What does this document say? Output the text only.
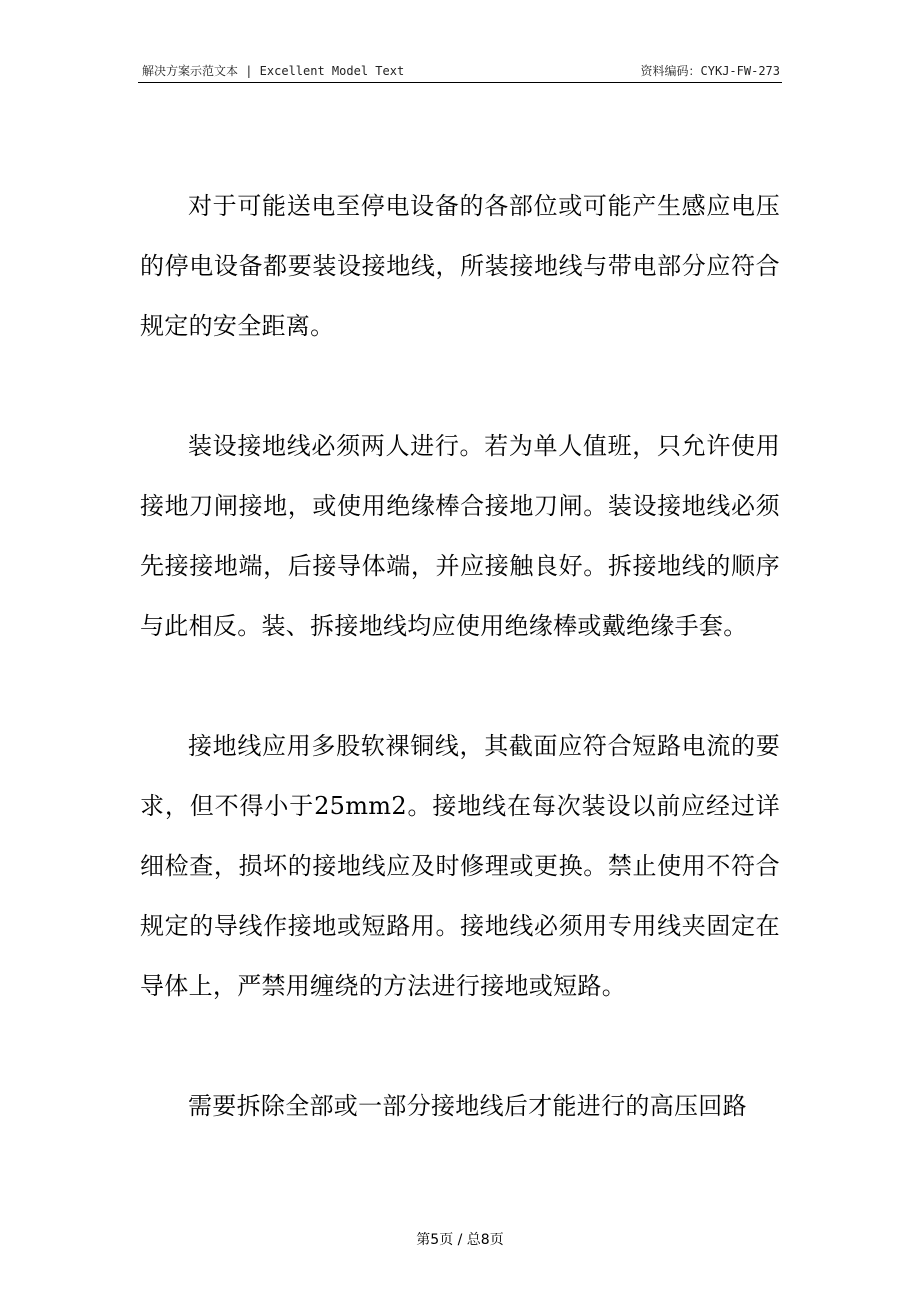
解决方案示范文本 | Excellent Model Text	资料编码：CYKJ-FW-273

对于可能送电至停电设备的各部位或可能产生感应电压的停电设备都要装设接地线，所装接地线与带电部分应符合规定的安全距离。

装设接地线必须两人进行。若为单人值班，只允许使用接地刀闸接地，或使用绝缘棒合接地刀闸。装设接地线必须先接接地端，后接导体端，并应接触良好。拆接地线的顺序与此相反。装、拆接地线均应使用绝缘棒或戴绝缘手套。

接地线应用多股软裸铜线，其截面应符合短路电流的要求，但不得小于25mm2。接地线在每次装设以前应经过详细检查，损坏的接地线应及时修理或更换。禁止使用不符合规定的导线作接地或短路用。接地线必须用专用线夹固定在导体上，严禁用缠绕的方法进行接地或短路。

需要拆除全部或一部分接地线后才能进行的高压回路

第5页 / 总8页
